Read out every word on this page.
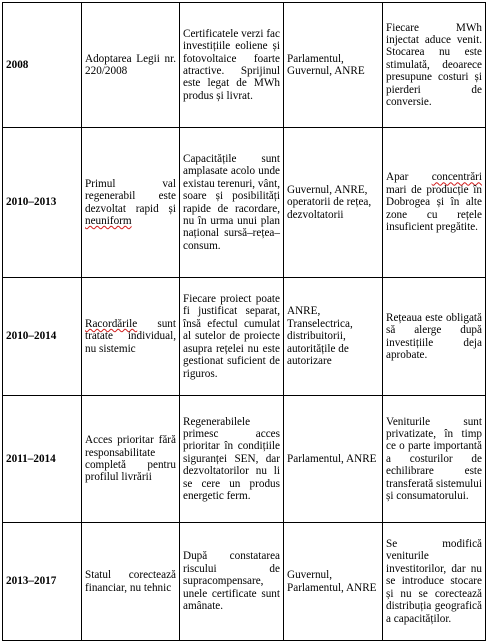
2008	Adoptarea Legii nr. 220/2008	Certificatele verzi fac investițiile eoliene și fotovoltaice foarte atractive. Sprijinul este legat de MWh produs și livrat.	Parlamentul, Guvernul, ANRE	Fiecare MWh injectat aduce venit. Stocarea nu este stimulată, deoarece presupune costuri și pierderi de conversie.

2010–2013	Primul val regenerabil este dezvoltat rapid și neuniform	Capacitățile sunt amplasate acolo unde existau terenuri, vânt, soare și posibilități rapide de racordare, nu în urma unui plan național sursă–rețea–consum.	Guvernul, ANRE, operatorii de rețea, dezvoltatorii	Apar concentrări mari de producție în Dobrogea și în alte zone cu rețele insuficient pregătite.

2010–2014	Racordările sunt tratate individual, nu sistemic	Fiecare proiect poate fi justificat separat, însă efectul cumulat al sutelor de proiecte asupra rețelei nu este gestionat suficient de riguros.	ANRE, Transelectrica, distribuitorii, autoritățile de autorizare	Rețeaua este obligată să alerge după investițiile deja aprobate.

2011–2014	Acces prioritar fără responsabilitate completă pentru profilul livrării	Regenerabilele primesc acces prioritar în condițiile siguranței SEN, dar dezvoltatorilor nu li se cere un produs energetic ferm.	Parlamentul, ANRE	Veniturile sunt privatizate, în timp ce o parte importantă a costurilor de echilibrare este transferată sistemului și consumatorului.

2013–2017	Statul corectează financiar, nu tehnic	După constatarea riscului de supracompensare, unele certificate sunt amânate.	Guvernul, Parlamentul, ANRE	Se modifică veniturile investitorilor, dar nu se introduce stocare și nu se corectează distribuția geografică a capacităților.
